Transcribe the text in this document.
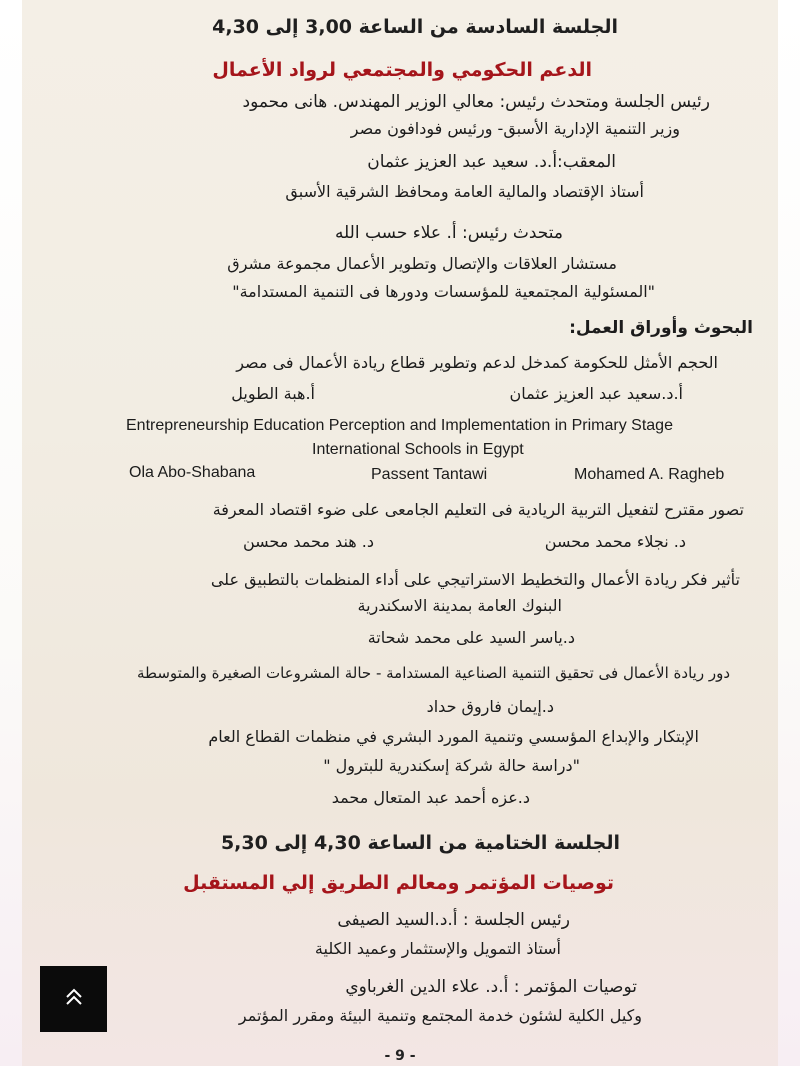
الجلسة السادسة من الساعة 3,00 إلى 4,30
الدعم الحكومي والمجتمعي لرواد الأعمال
رئيس الجلسة ومتحدث رئيس: معالي الوزير المهندس. هانى محمود
وزير التنمية الإدارية الأسبق- ورئيس فودافون مصر
المعقب:أ.د. سعيد عبد العزيز عثمان
أستاذ الإقتصاد والمالية العامة ومحافظ الشرقية الأسبق
متحدث رئيس: أ. علاء حسب الله
مستشار العلاقات والإتصال وتطوير الأعمال مجموعة مشرق
"المسئولية المجتمعية للمؤسسات ودورها فى التنمية المستدامة"
البحوث وأوراق العمل:
الحجم الأمثل للحكومة كمدخل لدعم وتطوير قطاع ريادة الأعمال فى مصر
أ.د.سعيد عبد العزيز عثمان
أ.هبة الطويل
Entrepreneurship Education Perception and Implementation in Primary Stage
International Schools in Egypt
Mohamed A. Ragheb
Passent Tantawi
Ola Abo-Shabana
تصور مقترح لتفعيل التربية الريادية فى التعليم الجامعى على ضوء اقتصاد المعرفة
د. نجلاء محمد محسن
د. هند محمد محسن
تأثير فكر ريادة الأعمال والتخطيط الاستراتيجي على أداء المنظمات بالتطبيق على
البنوك العامة بمدينة الاسكندرية
د.ياسر السيد على محمد شحاتة
دور ريادة الأعمال فى تحقيق التنمية الصناعية المستدامة - حالة المشروعات الصغيرة والمتوسطة
د.إيمان فاروق حداد
الإبتكار والإبداع المؤسسي وتنمية المورد البشري في منظمات القطاع العام
"دراسة حالة شركة إسكندرية للبترول "
د.عزه أحمد عبد المتعال محمد
الجلسة الختامية من الساعة 4,30 إلى 5,30
توصيات المؤتمر ومعالم الطريق إلي المستقبل
رئيس الجلسة : أ.د.السيد الصيفى
أستاذ التمويل والإستثمار وعميد الكلية
توصيات المؤتمر : أ.د. علاء الدين الغرباوي
وكيل الكلية لشئون خدمة المجتمع وتنمية البيئة ومقرر المؤتمر
- 9 -
